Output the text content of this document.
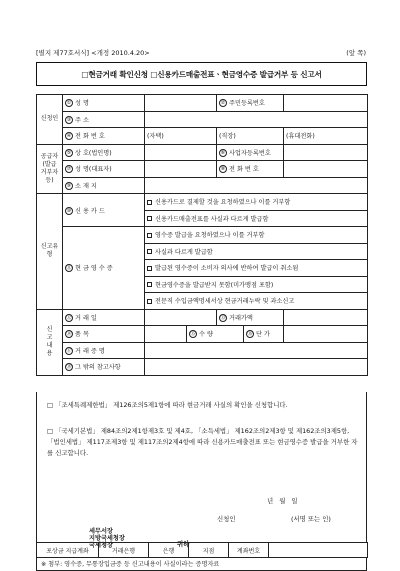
[별지 제77호서식] <개정 2010.4.20>	(앞 쪽)
□현금거래 확인신청 □신용카드매출전표ㆍ현금영수증 발급거부 등 신고서
신청인	① 성 명			② 주민등록번호		
	③ 주 소					
	④ 전 화 번 호	(자택)		(직장)		(휴대전화)
공급자 (발급 거부자등)	⑤ 상 호(법인명)			⑥ 사업자등록번호		
	⑦ 성 명(대표자)			⑧ 전 화 번 호		
	⑨ 소 재 지					
신고유형	⑩ 신 용 카 드	신용카드로 결제할 것을 요청하였으나 이를 거부함				
		신용카드매출전표를 사실과 다르게 발급함				
	⑪ 현 금 영 수 증	영수증 발급을 요청하였으나 이를 거부함				
		사실과 다르게 발급함				
		발급된 영수증이 소비자 의사에 반하여 발급이 취소됨				
		현금영수증을 발급받지 못함(미가맹점 포함)				
		전문직 수입금액명세서상 현금거래누락 및 과소신고				
신 고 내 용	⑫ 거 래 일			⑬ 거래가액		
	⑭ 품 목		⑮ 수 량		⑯ 단 가	
	⑰ 거 래 증 명					
	⑱ 그 밖의 참고사항					

□ 「조세특례제한법」 제126조의5제1항에 따라 현금거래 사실의 확인을 신청합니다.

□ 「국세기본법」 제84조의2제1항제3호 및 제4호, 「소득세법」 제162조의2제3항 및 제162조의3제5항, 「법인세법」 제117조제3항 및 제117조의2제4항에 따라 신용카드매출전표 또는 현금영수증 발급을 거부한 자를 신고합니다.

년 월 일
신청인	(서명 또는 인)
세무서장
지방국세청장
국세청장	귀하
포상금 지급계좌	거래은행	은행	지점	계좌번호	
※ 첨부: 영수증, 무통장입금증 등 신고내용이 사실이라는 증명자료
